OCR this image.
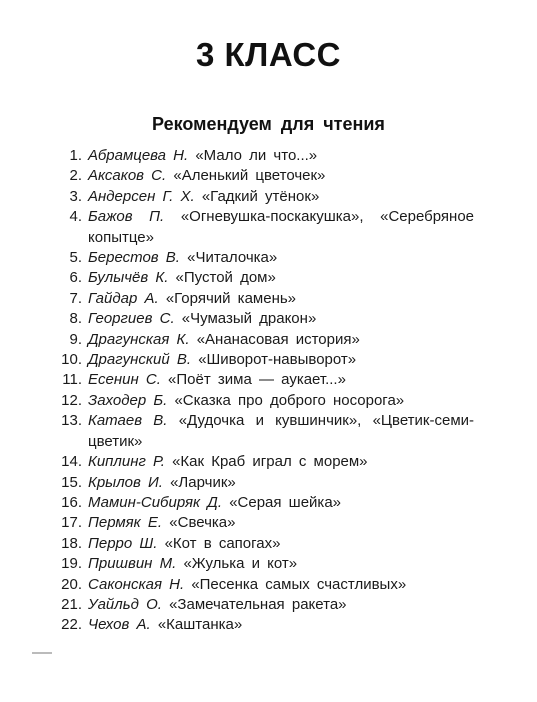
3 КЛАСС
Рекомендуем для чтения
1. Абрамцева Н. «Мало ли что...»
2. Аксаков С. «Аленький цветочек»
3. Андерсен Г. Х. «Гадкий утёнок»
4. Бажов П. «Огневушка-поскакушка», «Серебряное копытце»
5. Берестов В. «Читалочка»
6. Булычёв К. «Пустой дом»
7. Гайдар А. «Горячий камень»
8. Георгиев С. «Чумазый дракон»
9. Драгунская К. «Ананасовая история»
10. Драгунский В. «Шиворот-навыворот»
11. Есенин С. «Поёт зима — аукает...»
12. Заходер Б. «Сказка про доброго носорога»
13. Катаев В. «Дудочка и кувшинчик», «Цветик-семи-цветик»
14. Киплинг Р. «Как Краб играл с морем»
15. Крылов И. «Ларчик»
16. Мамин-Сибиряк Д. «Серая шейка»
17. Пермяк Е. «Свечка»
18. Перро Ш. «Кот в сапогах»
19. Пришвин М. «Жулька и кот»
20. Саконская Н. «Песенка самых счастливых»
21. Уайльд О. «Замечательная ракета»
22. Чехов А. «Каштанка»
